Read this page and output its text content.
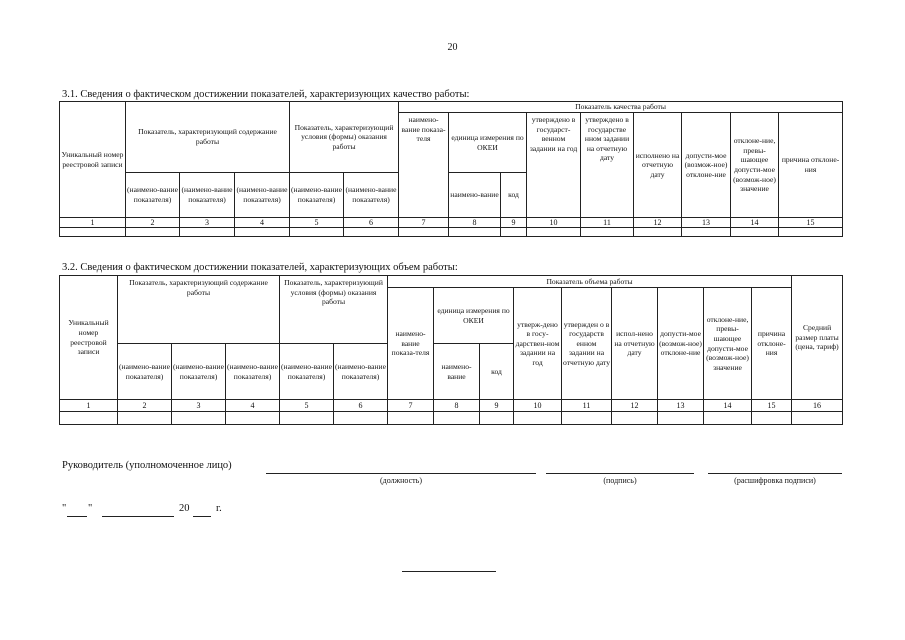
20
3.1. Сведения о фактическом достижении показателей, характеризующих качество работы:
Уникальный номер реестровой записи	Показатель, характеризующий содержание работы			Показатель, характеризующий условия (формы) оказания работы		Показатель качества работы								
						наимено-вание показа-теля	единица измерения по ОКЕИ		утверждено в государст-венном задании на год	утверждено в государстве нном задании на отчетную дату	исполнено на отчетную дату	допусти-мое (возмож-ное) отклоне-ние	отклоне-ние, превы-шающее допусти-мое (возмож-ное) значение	причина отклоне-ния
	(наимено-вание показателя)	(наимено-вание показателя)	(наимено-вание показателя)	(наимено-вание показателя)	(наимено-вание показателя)		наимено-вание	код						
1	2	3	4	5	6	7	8	9	10	11	12	13	14	15

3.2. Сведения о фактическом достижении показателей, характеризующих объем работы:
Уникальный номер реестровой записи	Показатель, характеризующий содержание работы			Показатель, характеризующий условия (формы) оказания работы		Показатель объема работы									Средний размер платы (цена, тариф)
						наимено-вание показа-теля	единица измерения по ОКЕИ		утверж-дено в госу-дарствен-ном задании на год	утвержден о в государств енном задании на отчетную дату	испол-нено на отчетную дату	допусти-мое (возмож-ное) отклоне-ние	отклоне-ние, превы-шающее допусти-мое (возмож-ное) значение	причина отклоне-ния	
	(наимено-вание показателя)	(наимено-вание показателя)	(наимено-вание показателя)	(наимено-вание показателя)	(наимено-вание показателя)		наимено-вание	код							
1	2	3	4	5	6	7	8	9	10	11	12	13	14	15	16

Руководитель (уполномоченное лицо)
(должность)	(подпись)	(расшифровка подписи)
" "	20	г.
